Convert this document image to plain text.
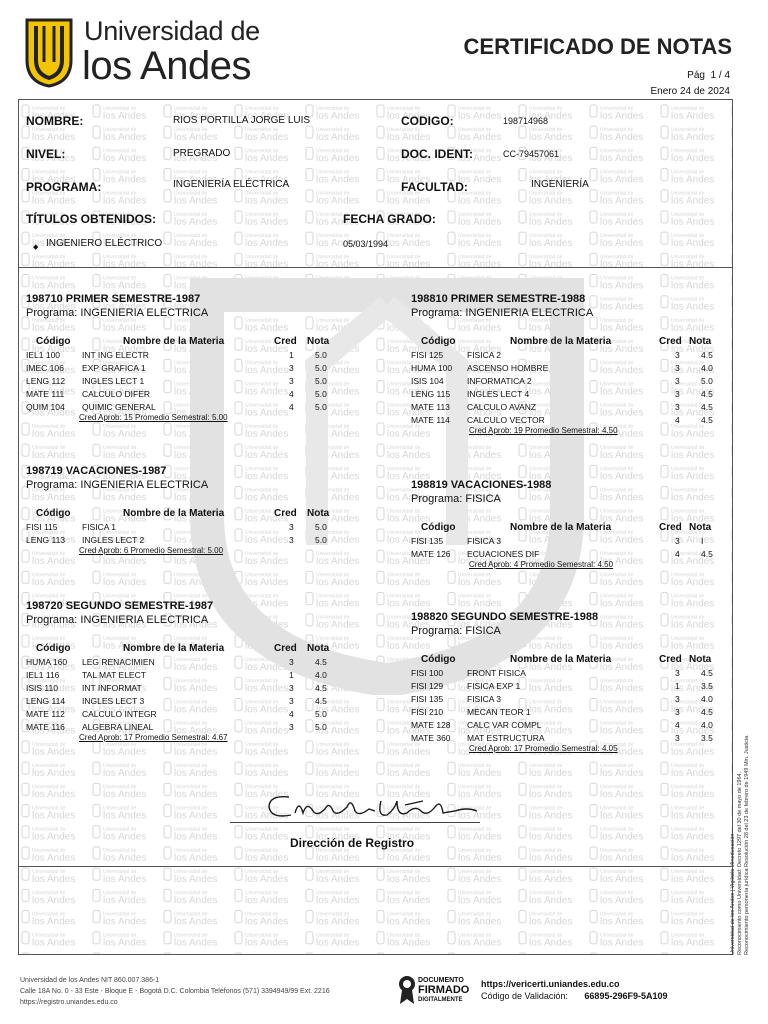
Universidad de
los Andes	CERTIFICADO DE NOTAS
Pág 1 / 4
Enero 24 de 2024
NOMBRE:	RIOS PORTILLA JORGE LUIS	CODIGO:	198714968
NIVEL:	PREGRADO	DOC. IDENT:	CC-79457061
PROGRAMA:	INGENIERÍA ELÉCTRICA	FACULTAD:	INGENIERÍA
TÍTULOS OBTENIDOS:	FECHA GRADO:
◆ INGENIERO ELÉCTRICO	05/03/1994
198710 PRIMER SEMESTRE-1987
Programa: INGENIERIA ELECTRICA
Código	Nombre de la Materia	Cred Nota
IEL1 100	INT ING ELECTR	1	5.0
IMEC 106 EXP GRAFICA 1	3	5.0
LENG 112 INGLES LECT 1	3	5.0
MATE 111 CALCULO DIFER	4	5.0
QUIM 104 QUIMIC GENERAL	4	5.0
Cred Aprob: 15 Promedio Semestral: 5.00
198719 VACACIONES-1987
Programa: INGENIERIA ELECTRICA
Código	Nombre de la Materia	Cred Nota
FISI 115	FISICA 1	3	5.0
LENG 113 INGLES LECT 2	3	5.0
Cred Aprob: 6 Promedio Semestral: 5.00
198720 SEGUNDO SEMESTRE-1987
Programa: INGENIERIA ELECTRICA
Código	Nombre de la Materia	Cred Nota
HUMA 160 LEG RENACIMIEN	3	4.5
IEL1 116	TAL MAT ELECT	1	4.0
ISIS 110	INT INFORMAT	3	4.5
LENG 114 INGLES LECT 3	3	4.5
MATE 112 CALCULO INTEGR	4	5.0
MATE 116 ALGEBRA LINEAL	3	5.0
Cred Aprob: 17 Promedio Semestral: 4.67
198810 PRIMER SEMESTRE-1988
Programa: INGENIERIA ELECTRICA
Código	Nombre de la Materia	Cred Nota
FISI 125	FISICA 2	3	4.5
HUMA 100 ASCENSO HOMBRE	3	4.0
ISIS 104	INFORMATICA 2	3	5.0
LENG 115 INGLES LECT 4	3	4.5
MATE 113 CALCULO AVANZ	3	4.5
MATE 114 CALCULO VECTOR	4	4.5
Cred Aprob: 19 Promedio Semestral: 4.50
198819 VACACIONES-1988
Programa: FISICA
Código	Nombre de la Materia	Cred Nota
FISI 135	FISICA 3	3	I
MATE 126 ECUACIONES DIF	4	4.5
Cred Aprob: 4 Promedio Semestral: 4.50
198820 SEGUNDO SEMESTRE-1988
Programa: FISICA
Código	Nombre de la Materia	Cred Nota
FISI 100	FRONT FISICA	3	4.5
FISI 129	FISICA EXP 1	1	3.5
FISI 135	FISICA 3	3	4.0
FISI 210	MECAN TEOR 1	3	4.5
MATE 128 CALC VAR COMPL	4	4.0
MATE 360 MAT ESTRUCTURA	3	3.5
Cred Aprob: 17 Promedio Semestral: 4.05
Dirección de Registro	Universidad de los Andes | Vigilada Mineducación Reconocimiento como Universidad: Decreto 1297 del 30 de mayo de 1964. Reconocimiento personería jurídica Resolución 28 del 23 de febrero de 1949 Min. Justicia.
Universidad de los Andes NIT 860.007.386-1
Calle 18A No. 0 - 33 Este - Bloque E - Bogotá D.C. Colombia Teléfonos (571) 3394949/99 Ext. 2216
https://registro.uniandes.edu.co
DOCUMENTO
FIRMADO
DIGITALMENTE
https://vericerti.uniandes.edu.co
Código de Validación: 66895-296F9-5A109
